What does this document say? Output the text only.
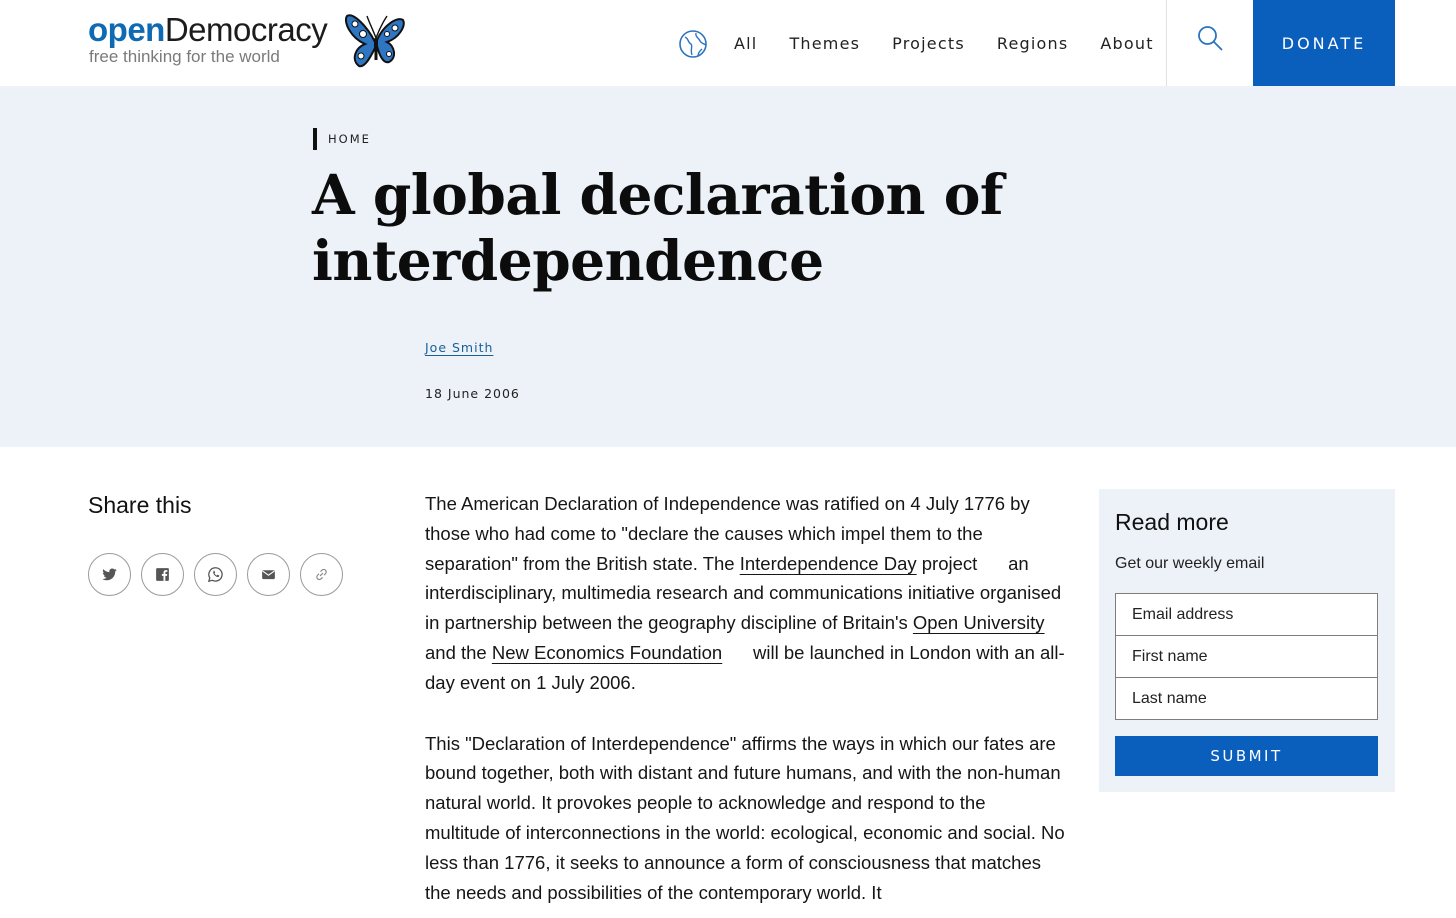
openDemocracy
free thinking for the world
All Themes Projects Regions About	DONATE
HOME
A global declaration of interdependence
Joe Smith
18 June 2006
Share this	The American Declaration of Independence was ratified on 4 July 1776 by those who had come to "declare the causes which impel them to the separation" from the British state. The Interdependence Day project      an interdisciplinary, multimedia research and communications initiative organised in partnership between the geography discipline of Britain's Open University and the New Economics Foundation      will be launched in London with an all-day event on 1 July 2006.

This "Declaration of Interdependence" affirms the ways in which our fates are bound together, both with distant and future humans, and with the non-human natural world. It provokes people to acknowledge and respond to the multitude of interconnections in the world: ecological, economic and social. No less than 1776, it seeks to announce a form of consciousness that matches the needs and possibilities of the contemporary world. It

Read more
Get our weekly email
Email address
First name
Last name
SUBMIT
